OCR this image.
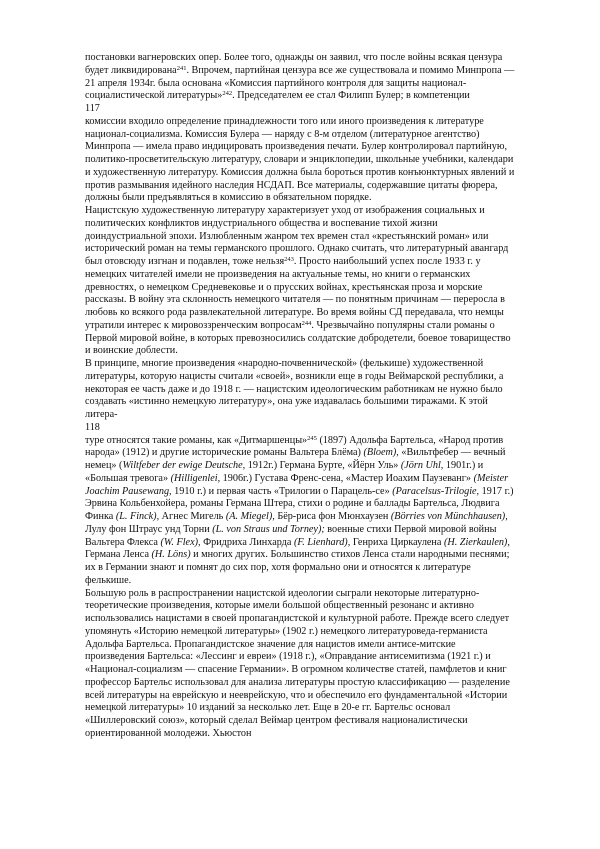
постановки вагнеровских опер. Более того, однажды он заявил, что после войны всякая цензура будет ликвидирована$^{241}$. Впрочем, партийная цензура все же существовала и помимо Минпропа — 21 апреля 1934г. была основана «Комиссия партийного контроля для защиты национал-социалистической литературы»$^{242}$. Председателем ее стал Филипп Булер; в компетенции

117

комиссии входило определение принадлежности того или иного произведения к литературе национал-социализма. Комиссия Булера — наряду с 8-м отделом (литературное агентство) Минпропа — имела право индицировать произведения печати. Булер контролировал партийную, политико-просветительскую литературу, словари и энциклопедии, школьные учебники, календари и художественную литературу. Комиссия должна была бороться против конъюнктурных явлений и против размывания идейного наследия НСДАП. Все материалы, содержавшие цитаты фюрера, должны были предъявляться в комиссию в обязательном порядке.

Нацистскую художественную литературу характеризует уход от изображения социальных и политических конфликтов индустриального общества и воспевание тихой жизни доиндустриальной эпохи. Излюбленным жанром тех времен стал «крестьянский роман» или исторический роман на темы германского прошлого. Однако считать, что литературный авангард был отовсюду изгнан и подавлен, тоже нельзя$^{243}$. Просто наибольший успех после 1933 г. у немецких читателей имели не произведения на актуальные темы, но книги о германских древностях, о немецком Средневековье и о прусских войнах, крестьянская проза и морские рассказы. В войну эта склонность немецкого читателя — по понятным причинам — переросла в любовь ко всякого рода развлекательной литературе. Во время войны СД передавала, что немцы утратили интерес к мировоззренческим вопросам$^{244}$. Чрезвычайно популярны стали романы о Первой мировой войне, в которых превозносились солдатские добродетели, боевое товарищество и воинские доблести.

В принципе, многие произведения «народно-почвеннической» (фелькише) художественной литературы, которую нацисты считали «своей», возникли еще в годы Веймарской республики, а некоторая ее часть даже и до 1918 г. — нацистским идеологическим работникам не нужно было создавать «истинно немецкую литературу», она уже издавалась большими тиражами. К этой литера-

118

туре относятся такие романы, как «Дитмаршенцы»$^{245}$ (1897) Адольфа Бартельса, «Народ против народа» (1912) и другие исторические романы Вальтера Блёма) (Bloem), «Вильтфебер — вечный немец» (Wiltfeber der ewige Deutsche, 1912г.) Германа Бурте, «Йёрн Уль» (Jörn Uhl, 1901г.) и «Большая тревога» (Hilligenlei, 1906г.) Густава Френс-сена, «Мастер Иоахим Паузеванг» (Meister Joachim Pausewang, 1910 г.) и первая часть «Трилогии о Парацель-се» (Paracelsus-Trilogie, 1917 г.) Эрвина Кольбенхойера, романы Германа Штера, стихи о родине и баллады Бартельса, Людвига Финка (L. Finck), Агнес Мигель (A. Miegel), Бёр-риса фон Мюнхаузен (Börries von Münchhausen), Лулу фон Штраус унд Торни (L. von Straus und Torney); военные стихи Первой мировой войны Вальтера Флекса (W. Flex), Фридриха Линхарда (F. Lienhard), Генриха Циркаулена (H. Zierkaulen), Германа Ленса (H. Löns) и многих других. Большинство стихов Ленса стали народными песнями; их в Германии знают и помнят до сих пор, хотя формально они и относятся к литературе фелькише.

Большую роль в распространении нацистской идеологии сыграли некоторые литературно-теоретические произведения, которые имели большой общественный резонанс и активно использовались нацистами в своей пропагандистской и культурной работе. Прежде всего следует упомянуть «Историю немецкой литературы» (1902 г.) немецкого литературоведа-германиста Адольфа Бартельса. Пропагандистское значение для нацистов имели антисе-митские произведения Бартельса: «Лессинг и евреи» (1918 г.), «Оправдание антисемитизма (1921 г.) и «Национал-социализм — спасение Германии». В огромном количестве статей, памфлетов и книг профессор Бартельс использовал для анализа литературы простую классификацию — разделение всей литературы на еврейскую и нееврейскую, что и обеспечило его фундаментальной «Истории немецкой литературы» 10 изданий за несколько лет. Еще в 20-е гг. Бартельс основал «Шиллеровский союз», который сделал Веймар центром фестиваля националистически ориентированной молодежи. Хьюстон
